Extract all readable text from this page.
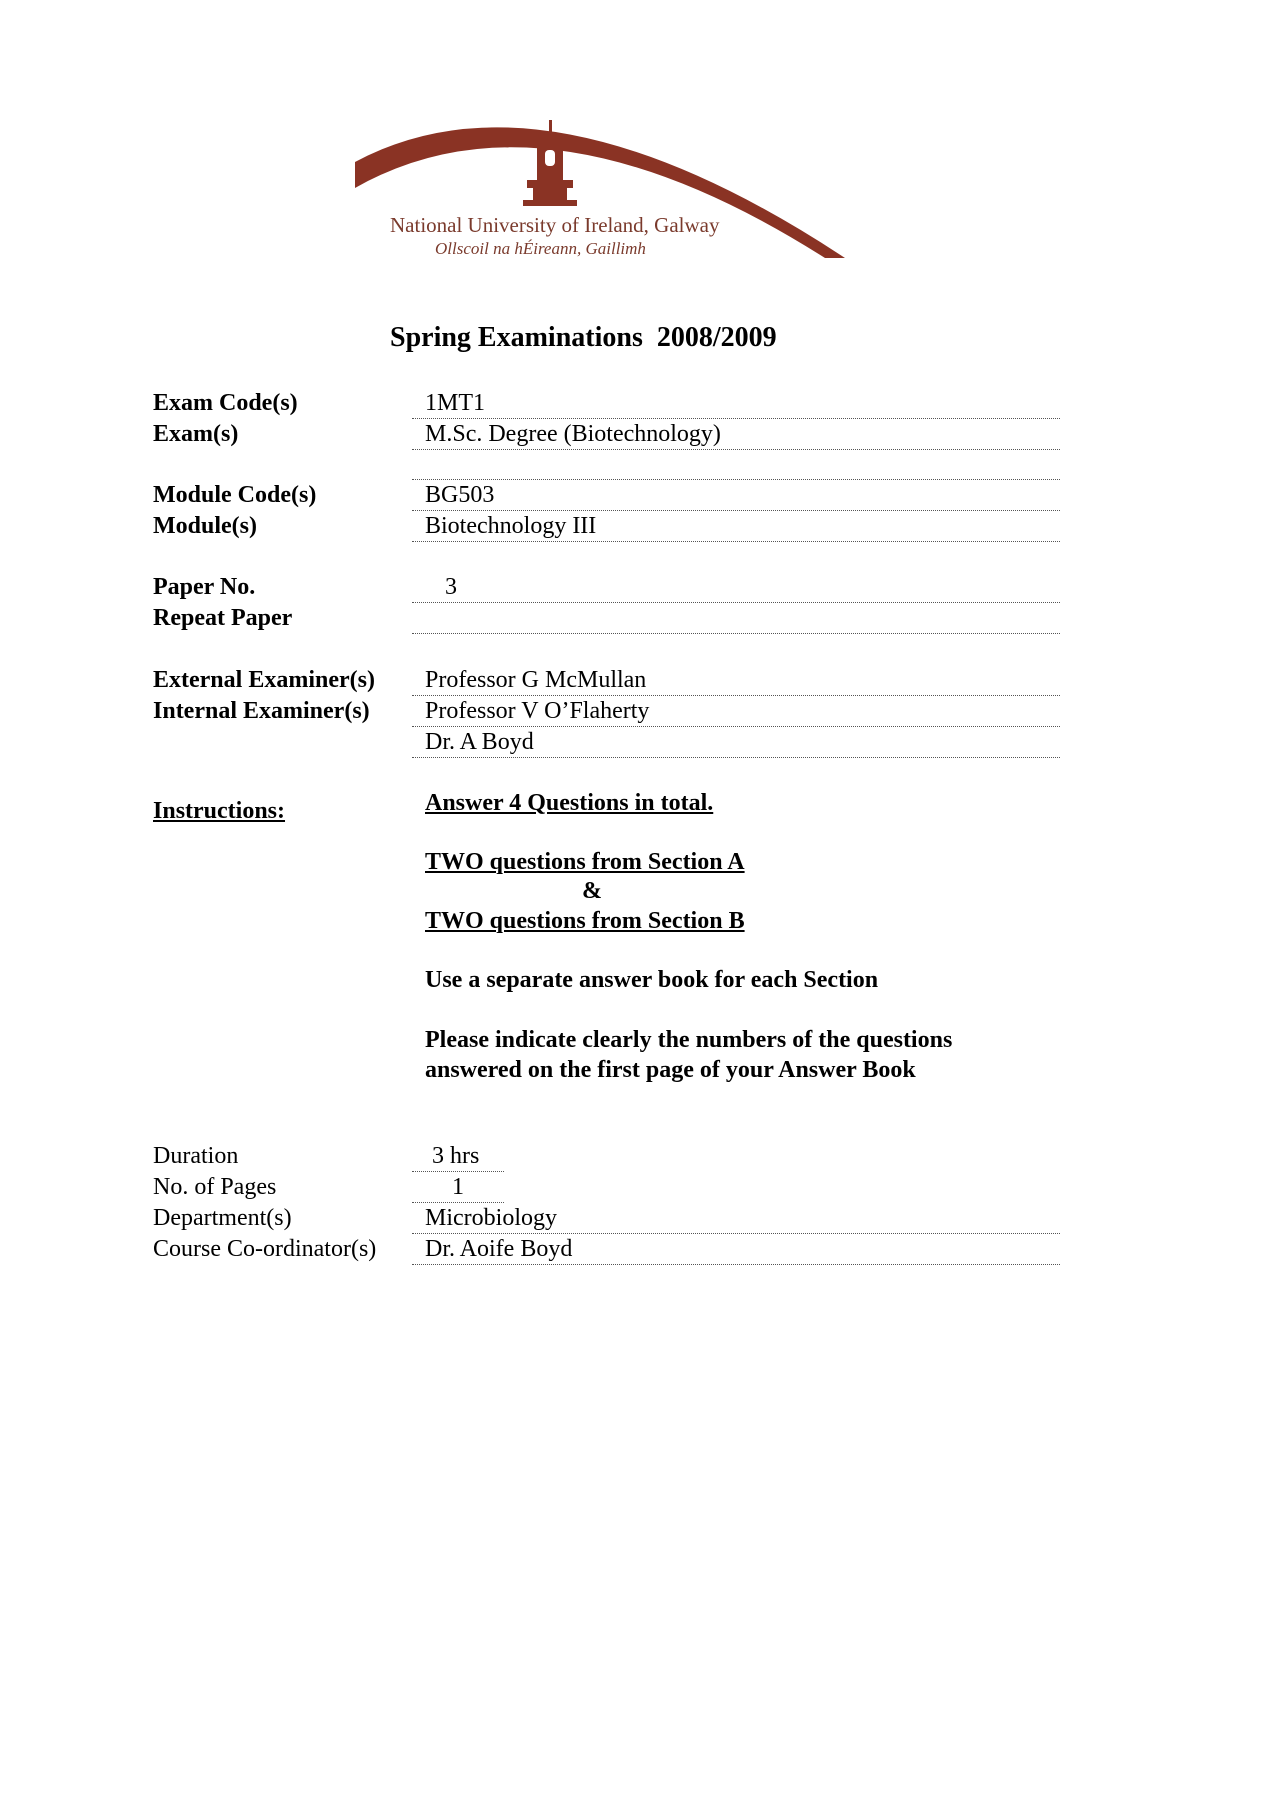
National University of Ireland, Galway
Ollscoil na hÉireann, Gaillimh
Spring Examinations  2008/2009
Exam Code(s)	1MT1
Exam(s)	M.Sc. Degree (Biotechnology)
Module Code(s)	BG503
Module(s)	Biotechnology III
Paper No.	3
Repeat Paper
External Examiner(s) Professor G McMullan
Internal Examiner(s) Professor V O’Flaherty
Dr. A Boyd
Instructions:	Answer 4 Questions in total.
TWO questions from Section A
&
TWO questions from Section B
Use a separate answer book for each Section
Please indicate clearly the numbers of the questions
answered on the first page of your Answer Book
Duration	3 hrs
No. of Pages	1
Department(s)	Microbiology
Course Co-ordinator(s) Dr. Aoife Boyd
